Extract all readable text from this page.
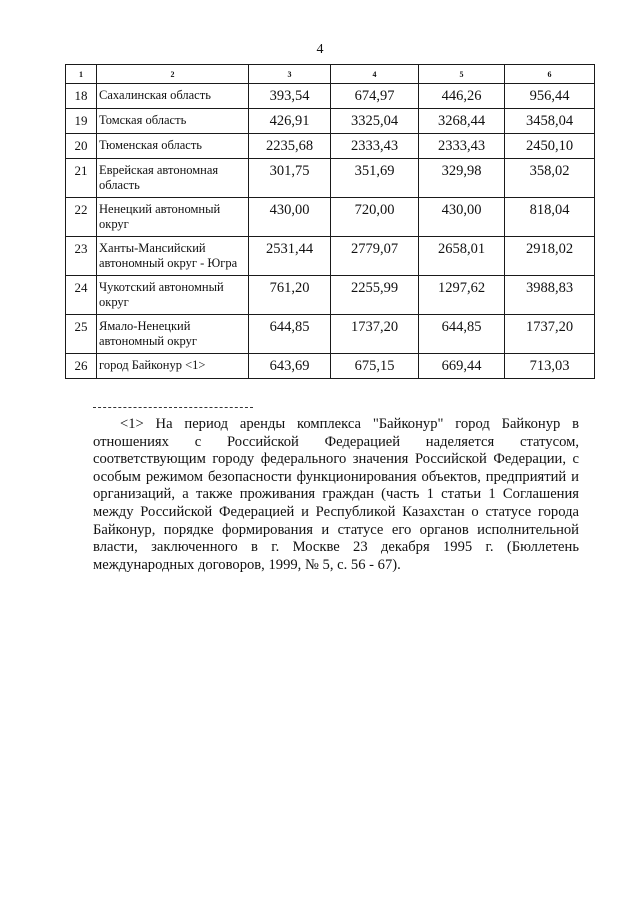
4
1	2	3	4	5	6
18	Сахалинская область	393,54	674,97	446,26	956,44
19	Томская область	426,91	3325,04	3268,44	3458,04
20	Тюменская область	2235,68	2333,43	2333,43	2450,10
21	Еврейская автономная область	301,75	351,69	329,98	358,02
22	Ненецкий автономный округ	430,00	720,00	430,00	818,04
23	Ханты-Мансийский автономный округ - Югра	2531,44	2779,07	2658,01	2918,02
24	Чукотский автономный округ	761,20	2255,99	1297,62	3988,83
25	Ямало-Ненецкий автономный округ	644,85	1737,20	644,85	1737,20
26	город Байконур <1>	643,69	675,15	669,44	713,03
<1> На период аренды комплекса "Байконур" город Байконур в отношениях с Российской Федерацией наделяется статусом, соответствующим городу федерального значения Российской Федерации, с особым режимом безопасности функционирования объектов, предприятий и организаций, а также проживания граждан (часть 1 статьи 1 Соглашения между Российской Федерацией и Республикой Казахстан о статусе города Байконур, порядке формирования и статусе его органов исполнительной власти, заключенного в г. Москве 23 декабря 1995 г. (Бюллетень международных договоров, 1999, № 5, с. 56 - 67).
